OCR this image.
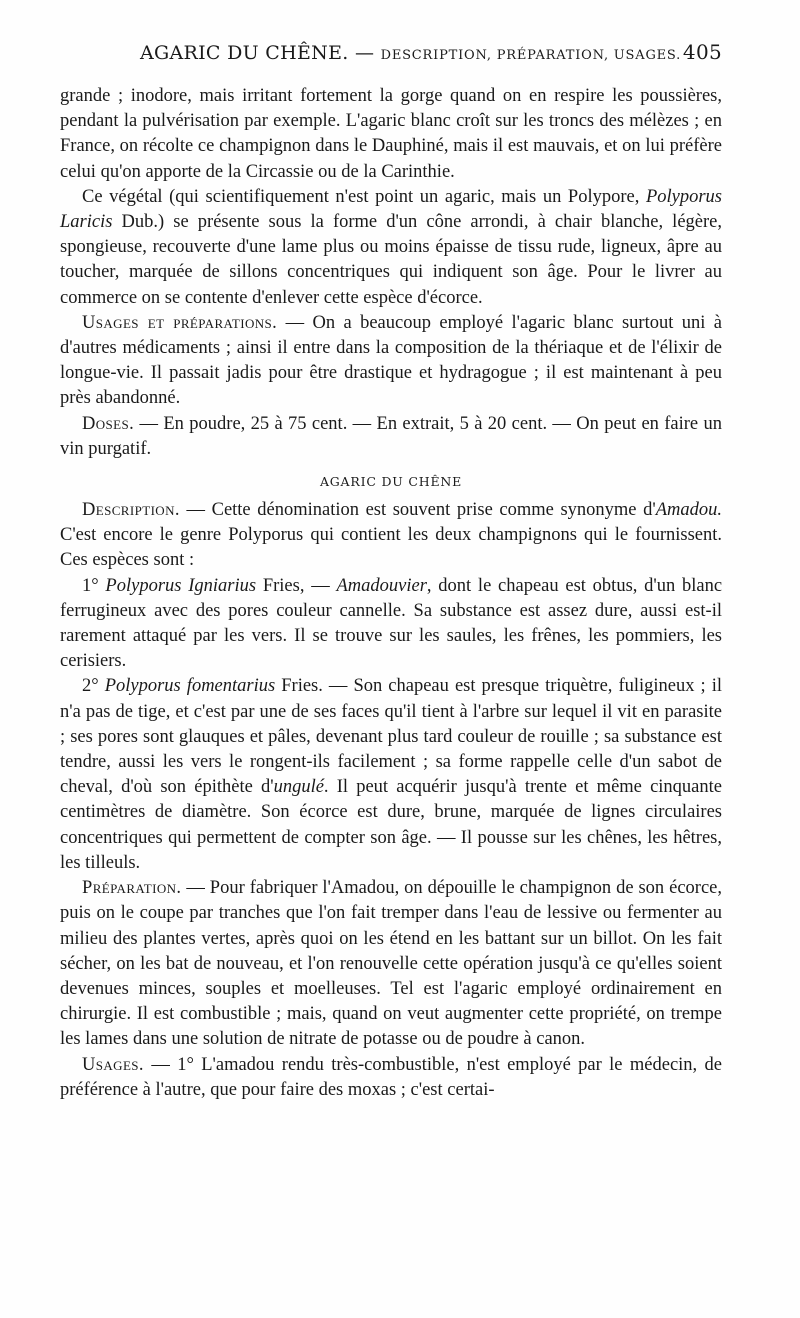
AGARIC DU CHÊNE. — DESCRIPTION, PRÉPARATION, USAGES. 405

grande ; inodore, mais irritant fortement la gorge quand on en respire les poussières, pendant la pulvérisation par exemple. L'agaric blanc croît sur les troncs des mélèzes ; en France, on récolte ce champignon dans le Dauphiné, mais il est mauvais, et on lui préfère celui qu'on apporte de la Circassie ou de la Carinthie.

Ce végétal (qui scientifiquement n'est point un agaric, mais un Polypore, Polyporus Laricis Dub.) se présente sous la forme d'un cône arrondi, à chair blanche, légère, spongieuse, recouverte d'une lame plus ou moins épaisse de tissu rude, ligneux, âpre au toucher, marquée de sillons concentriques qui indiquent son âge. Pour le livrer au commerce on se contente d'enlever cette espèce d'écorce.

Usages et préparations. — On a beaucoup employé l'agaric blanc surtout uni à d'autres médicaments ; ainsi il entre dans la composition de la thériaque et de l'élixir de longue-vie. Il passait jadis pour être drastique et hydragogue ; il est maintenant à peu près abandonné.

Doses. — En poudre, 25 à 75 cent. — En extrait, 5 à 20 cent. — On peut en faire un vin purgatif.

AGARIC DU CHÊNE

Description. — Cette dénomination est souvent prise comme synonyme d'Amadou. C'est encore le genre Polyporus qui contient les deux champignons qui le fournissent. Ces espèces sont :

1° Polyporus Igniarius Fries, — Amadouvier, dont le chapeau est obtus, d'un blanc ferrugineux avec des pores couleur cannelle. Sa substance est assez dure, aussi est-il rarement attaqué par les vers. Il se trouve sur les saules, les frênes, les pommiers, les cerisiers.

2° Polyporus fomentarius Fries. — Son chapeau est presque triquètre, fuligineux ; il n'a pas de tige, et c'est par une de ses faces qu'il tient à l'arbre sur lequel il vit en parasite ; ses pores sont glauques et pâles, devenant plus tard couleur de rouille ; sa substance est tendre, aussi les vers le rongent-ils facilement ; sa forme rappelle celle d'un sabot de cheval, d'où son épithète d'ungulé. Il peut acquérir jusqu'à trente et même cinquante centimètres de diamètre. Son écorce est dure, brune, marquée de lignes circulaires concentriques qui permettent de compter son âge. — Il pousse sur les chênes, les hêtres, les tilleuls.

Préparation. — Pour fabriquer l'Amadou, on dépouille le champignon de son écorce, puis on le coupe par tranches que l'on fait tremper dans l'eau de lessive ou fermenter au milieu des plantes vertes, après quoi on les étend en les battant sur un billot. On les fait sécher, on les bat de nouveau, et l'on renouvelle cette opération jusqu'à ce qu'elles soient devenues minces, souples et moelleuses. Tel est l'agaric employé ordinairement en chirurgie. Il est combustible ; mais, quand on veut augmenter cette propriété, on trempe les lames dans une solution de nitrate de potasse ou de poudre à canon.

Usages. — 1° L'amadou rendu très-combustible, n'est employé par le médecin, de préférence à l'autre, que pour faire des moxas ; c'est certai-
